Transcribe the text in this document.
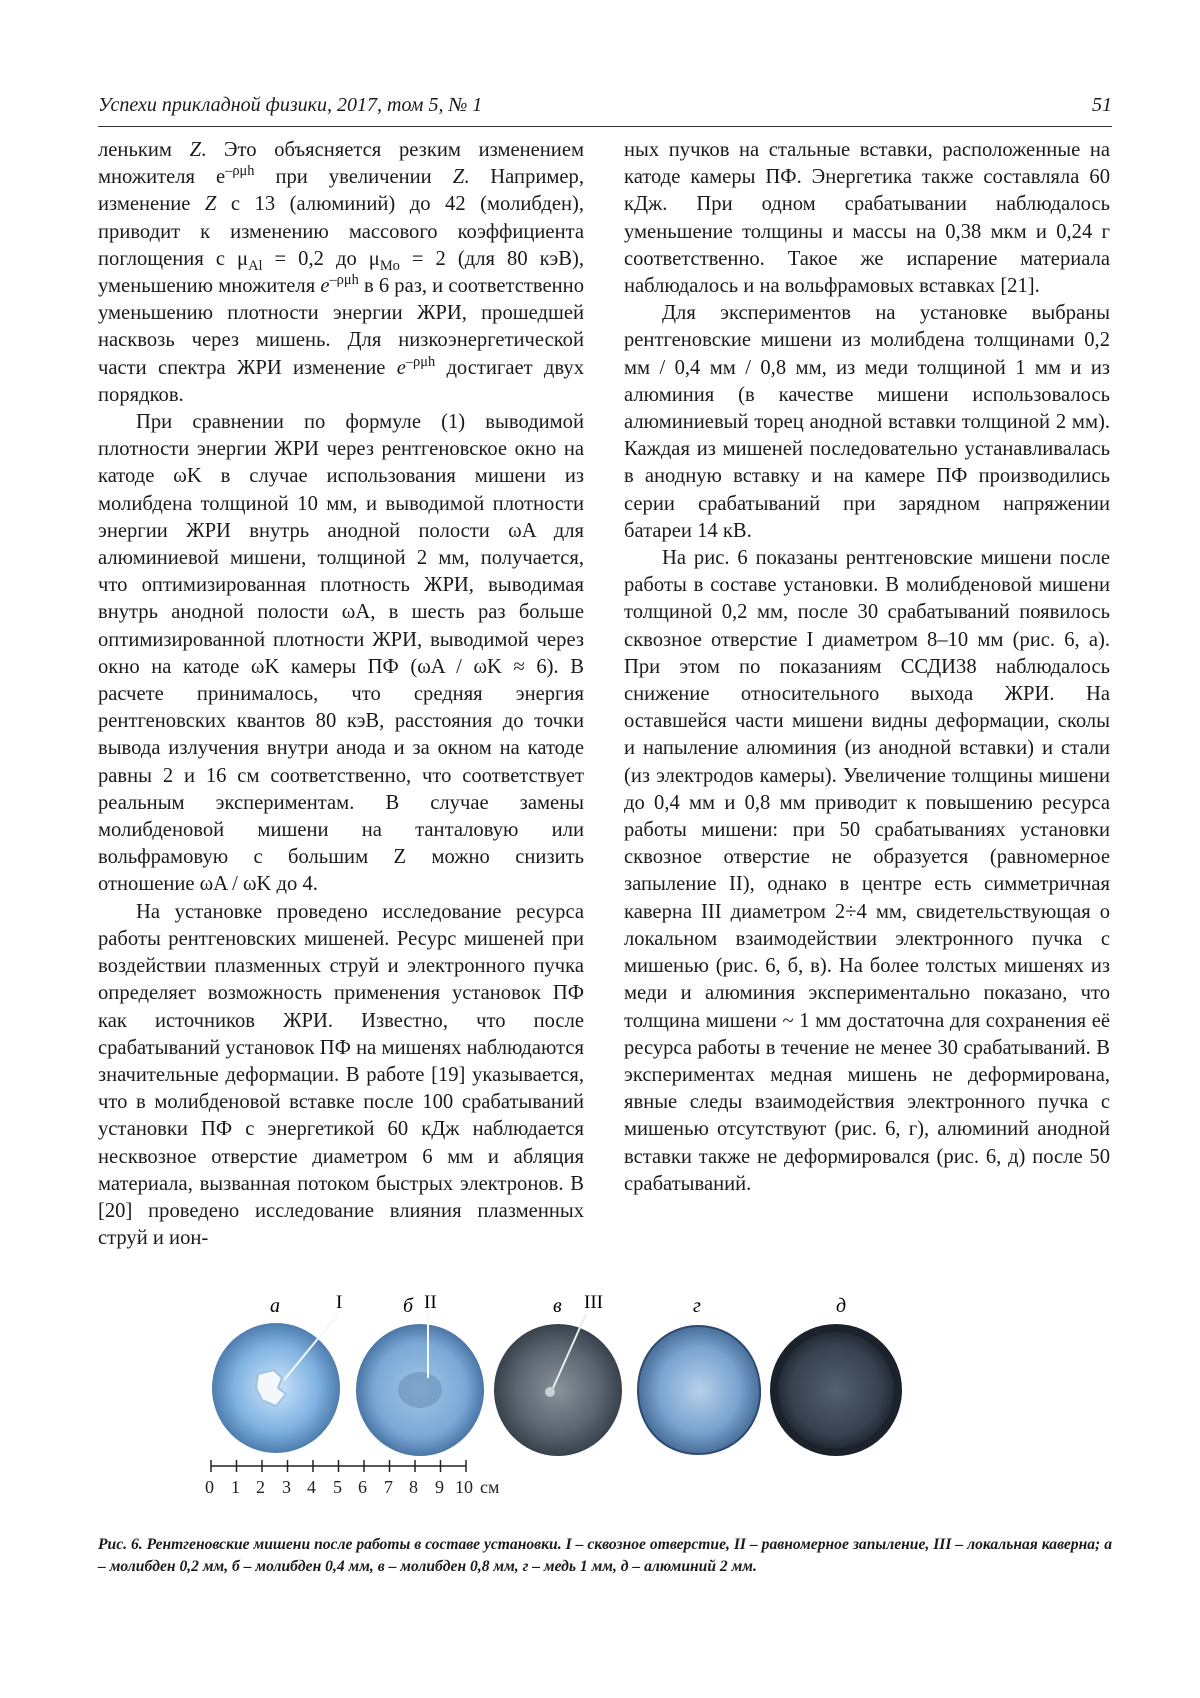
Успехи прикладной физики, 2017, том 5, № 1	51

леньким Z. Это объясняется резким изменением множителя $e^{-\rho\mu h}$ при увеличении Z. Например, изменение Z с 13 (алюминий) до 42 (молибден), приводит к изменению массового коэффициента поглощения с $\mu_{Al} = 0,2$ до $\mu_{Mo} = 2$ (для 80 кэВ), уменьшению множителя $e^{-\rho\mu h}$ в 6 раз, и соответственно уменьшению плотности энергии ЖРИ, прошедшей насквозь через мишень. Для низкоэнергетической части спектра ЖРИ изменение $e^{-\rho\mu h}$ достигает двух порядков.

При сравнении по формуле (1) выводимой плотности энергии ЖРИ через рентгеновское окно на катоде ωK в случае использования мишени из молибдена толщиной 10 мм, и выводимой плотности энергии ЖРИ внутрь анодной полости ωA для алюминиевой мишени, толщиной 2 мм, получается, что оптимизированная плотность ЖРИ, выводимая внутрь анодной полости ωA, в шесть раз больше оптимизированной плотности ЖРИ, выводимой через окно на катоде ωK камеры ПФ (ωA / ωK ≈ 6). В расчете принималось, что средняя энергия рентгеновских квантов 80 кэВ, расстояния до точки вывода излучения внутри анода и за окном на катоде равны 2 и 16 см соответственно, что соответствует реальным экспериментам. В случае замены молибденовой мишени на танталовую или вольфрамовую с большим Z можно снизить отношение ωA / ωK до 4.

На установке проведено исследование ресурса работы рентгеновских мишеней. Ресурс мишеней при воздействии плазменных струй и электронного пучка определяет возможность применения установок ПФ как источников ЖРИ. Известно, что после срабатываний установок ПФ на мишенях наблюдаются значительные деформации. В работе [19] указывается, что в молибденовой вставке после 100 срабатываний установки ПФ с энергетикой 60 кДж наблюдается несквозное отверстие диаметром 6 мм и абляция материала, вызванная потоком быстрых электронов. В [20] проведено исследование влияния плазменных струй и ион-

ных пучков на стальные вставки, расположенные на катоде камеры ПФ. Энергетика также составляла 60 кДж. При одном срабатывании наблюдалось уменьшение толщины и массы на 0,38 мкм и 0,24 г соответственно. Такое же испарение материала наблюдалось и на вольфрамовых вставках [21].

Для экспериментов на установке выбраны рентгеновские мишени из молибдена толщинами 0,2 мм / 0,4 мм / 0,8 мм, из меди толщиной 1 мм и из алюминия (в качестве мишени использовалось алюминиевый торец анодной вставки толщиной 2 мм). Каждая из мишеней последовательно устанавливалась в анодную вставку и на камере ПФ производились серии срабатываний при зарядном напряжении батареи 14 кВ.

На рис. 6 показаны рентгеновские мишени после работы в составе установки. В молибденовой мишени толщиной 0,2 мм, после 30 срабатываний появилось сквозное отверстие I диаметром 8–10 мм (рис. 6, а). При этом по показаниям ССДИ38 наблюдалось снижение относительного выхода ЖРИ. На оставшейся части мишени видны деформации, сколы и напыление алюминия (из анодной вставки) и стали (из электродов камеры). Увеличение толщины мишени до 0,4 мм и 0,8 мм приводит к повышению ресурса работы мишени: при 50 срабатываниях установки сквозное отверстие не образуется (равномерное запыление II), однако в центре есть симметричная каверна III диаметром 2÷4 мм, свидетельствующая о локальном взаимодействии электронного пучка с мишенью (рис. 6, б, в). На более толстых мишенях из меди и алюминия экспериментально показано, что толщина мишени ~ 1 мм достаточна для сохранения её ресурса работы в течение не менее 30 срабатываний. В экспериментах медная мишень не деформирована, явные следы взаимодействия электронного пучка с мишенью отсутствуют (рис. 6, г), алюминий анодной вставки также не деформировался (рис. 6, д) после 50 срабатываний.

а	б	в	г	д
I	II	III
0 1 2 3 4 5 6 7 8 9 10 см
Рис. 6. Рентгеновские мишени после работы в составе установки. I – сквозное отверстие, II – равномерное запыление, III – локальная каверна; а – молибден 0,2 мм, б – молибден 0,4 мм, в – молибден 0,8 мм, г – медь 1 мм, д – алюминий 2 мм.
